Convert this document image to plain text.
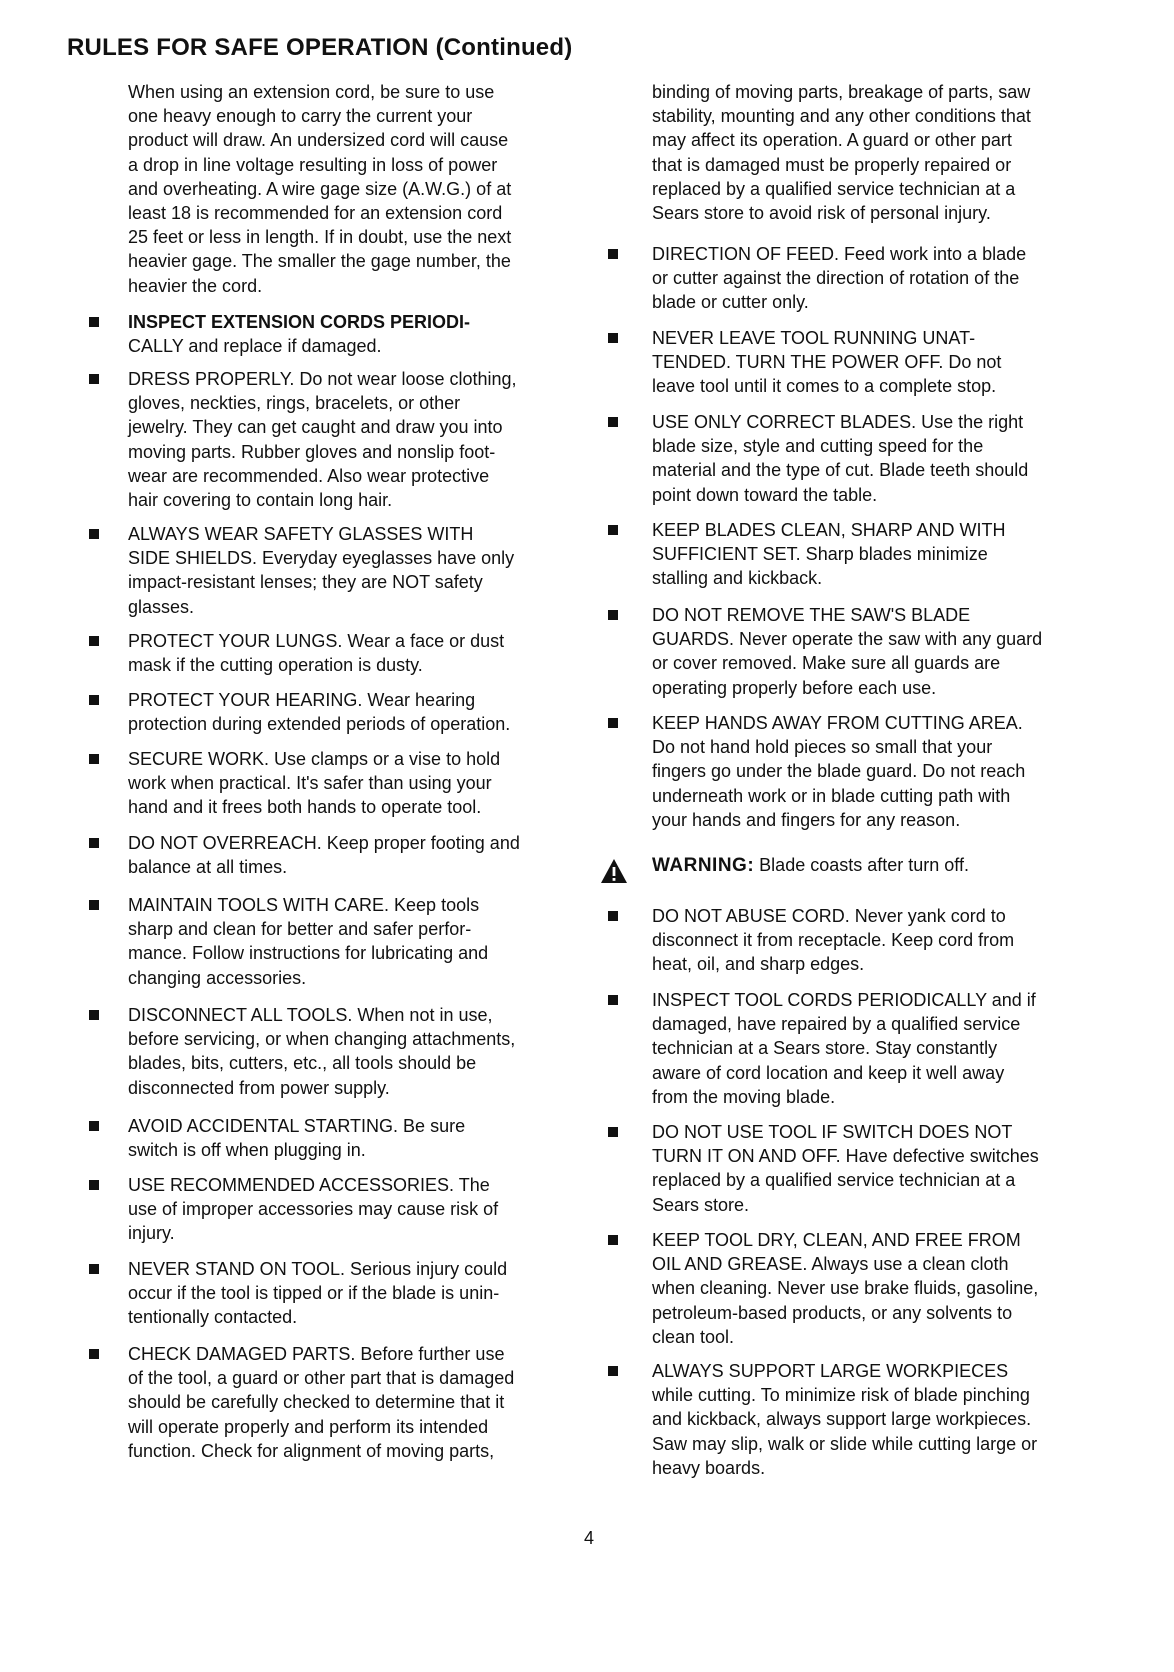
RULES FOR SAFE OPERATION (Continued)

When using an extension cord, be sure to use
one heavy enough to carry the current your
product will draw. An undersized cord will cause
a drop in line voltage resulting in loss of power
and overheating. A wire gage size (A.W.G.) of at
least 18 is recommended for an extension cord
25 feet or less in length. If in doubt, use the next
heavier gage. The smaller the gage number, the
heavier the cord.

INSPECT EXTENSION CORDS PERIODI-
CALLY and replace if damaged.

DRESS PROPERLY. Do not wear loose clothing,
gloves, neckties, rings, bracelets, or other
jewelry. They can get caught and draw you into
moving parts. Rubber gloves and nonslip foot-
wear are recommended. Also wear protective
hair covering to contain long hair.

ALWAYS WEAR SAFETY GLASSES WITH
SIDE SHIELDS. Everyday eyeglasses have only
impact-resistant lenses; they are NOT safety
glasses.

PROTECT YOUR LUNGS. Wear a face or dust
mask if the cutting operation is dusty.

PROTECT YOUR HEARING. Wear hearing
protection during extended periods of operation.

SECURE WORK. Use clamps or a vise to hold
work when practical. It's safer than using your
hand and it frees both hands to operate tool.

DO NOT OVERREACH. Keep proper footing and
balance at all times.

MAINTAIN TOOLS WITH CARE. Keep tools
sharp and clean for better and safer perfor-
mance. Follow instructions for lubricating and
changing accessories.

DISCONNECT ALL TOOLS. When not in use,
before servicing, or when changing attachments,
blades, bits, cutters, etc., all tools should be
disconnected from power supply.

AVOID ACCIDENTAL STARTING. Be sure
switch is off when plugging in.

USE RECOMMENDED ACCESSORIES. The
use of improper accessories may cause risk of
injury.

NEVER STAND ON TOOL. Serious injury could
occur if the tool is tipped or if the blade is unin-
tentionally contacted.

CHECK DAMAGED PARTS. Before further use
of the tool, a guard or other part that is damaged
should be carefully checked to determine that it
will operate properly and perform its intended
function. Check for alignment of moving parts,

binding of moving parts, breakage of parts, saw
stability, mounting and any other conditions that
may affect its operation. A guard or other part
that is damaged must be properly repaired or
replaced by a qualified service technician at a
Sears store to avoid risk of personal injury.

DIRECTION OF FEED. Feed work into a blade
or cutter against the direction of rotation of the
blade or cutter only.

NEVER LEAVE TOOL RUNNING UNAT-
TENDED. TURN THE POWER OFF. Do not
leave tool until it comes to a complete stop.

USE ONLY CORRECT BLADES. Use the right
blade size, style and cutting speed for the
material and the type of cut. Blade teeth should
point down toward the table.

KEEP BLADES CLEAN, SHARP AND WITH
SUFFICIENT SET. Sharp blades minimize
stalling and kickback.

DO NOT REMOVE THE SAW'S BLADE
GUARDS. Never operate the saw with any guard
or cover removed. Make sure all guards are
operating properly before each use.

KEEP HANDS AWAY FROM CUTTING AREA.
Do not hand hold pieces so small that your
fingers go under the blade guard. Do not reach
underneath work or in blade cutting path with
your hands and fingers for any reason.

WARNING: Blade coasts after turn off.

DO NOT ABUSE CORD. Never yank cord to
disconnect it from receptacle. Keep cord from
heat, oil, and sharp edges.

INSPECT TOOL CORDS PERIODICALLY and if
damaged, have repaired by a qualified service
technician at a Sears store. Stay constantly
aware of cord location and keep it well away
from the moving blade.

DO NOT USE TOOL IF SWITCH DOES NOT
TURN IT ON AND OFF. Have defective switches
replaced by a qualified service technician at a
Sears store.

KEEP TOOL DRY, CLEAN, AND FREE FROM
OIL AND GREASE. Always use a clean cloth
when cleaning. Never use brake fluids, gasoline,
petroleum-based products, or any solvents to
clean tool.

ALWAYS SUPPORT LARGE WORKPIECES
while cutting. To minimize risk of blade pinching
and kickback, always support large workpieces.
Saw may slip, walk or slide while cutting large or
heavy boards.

4
